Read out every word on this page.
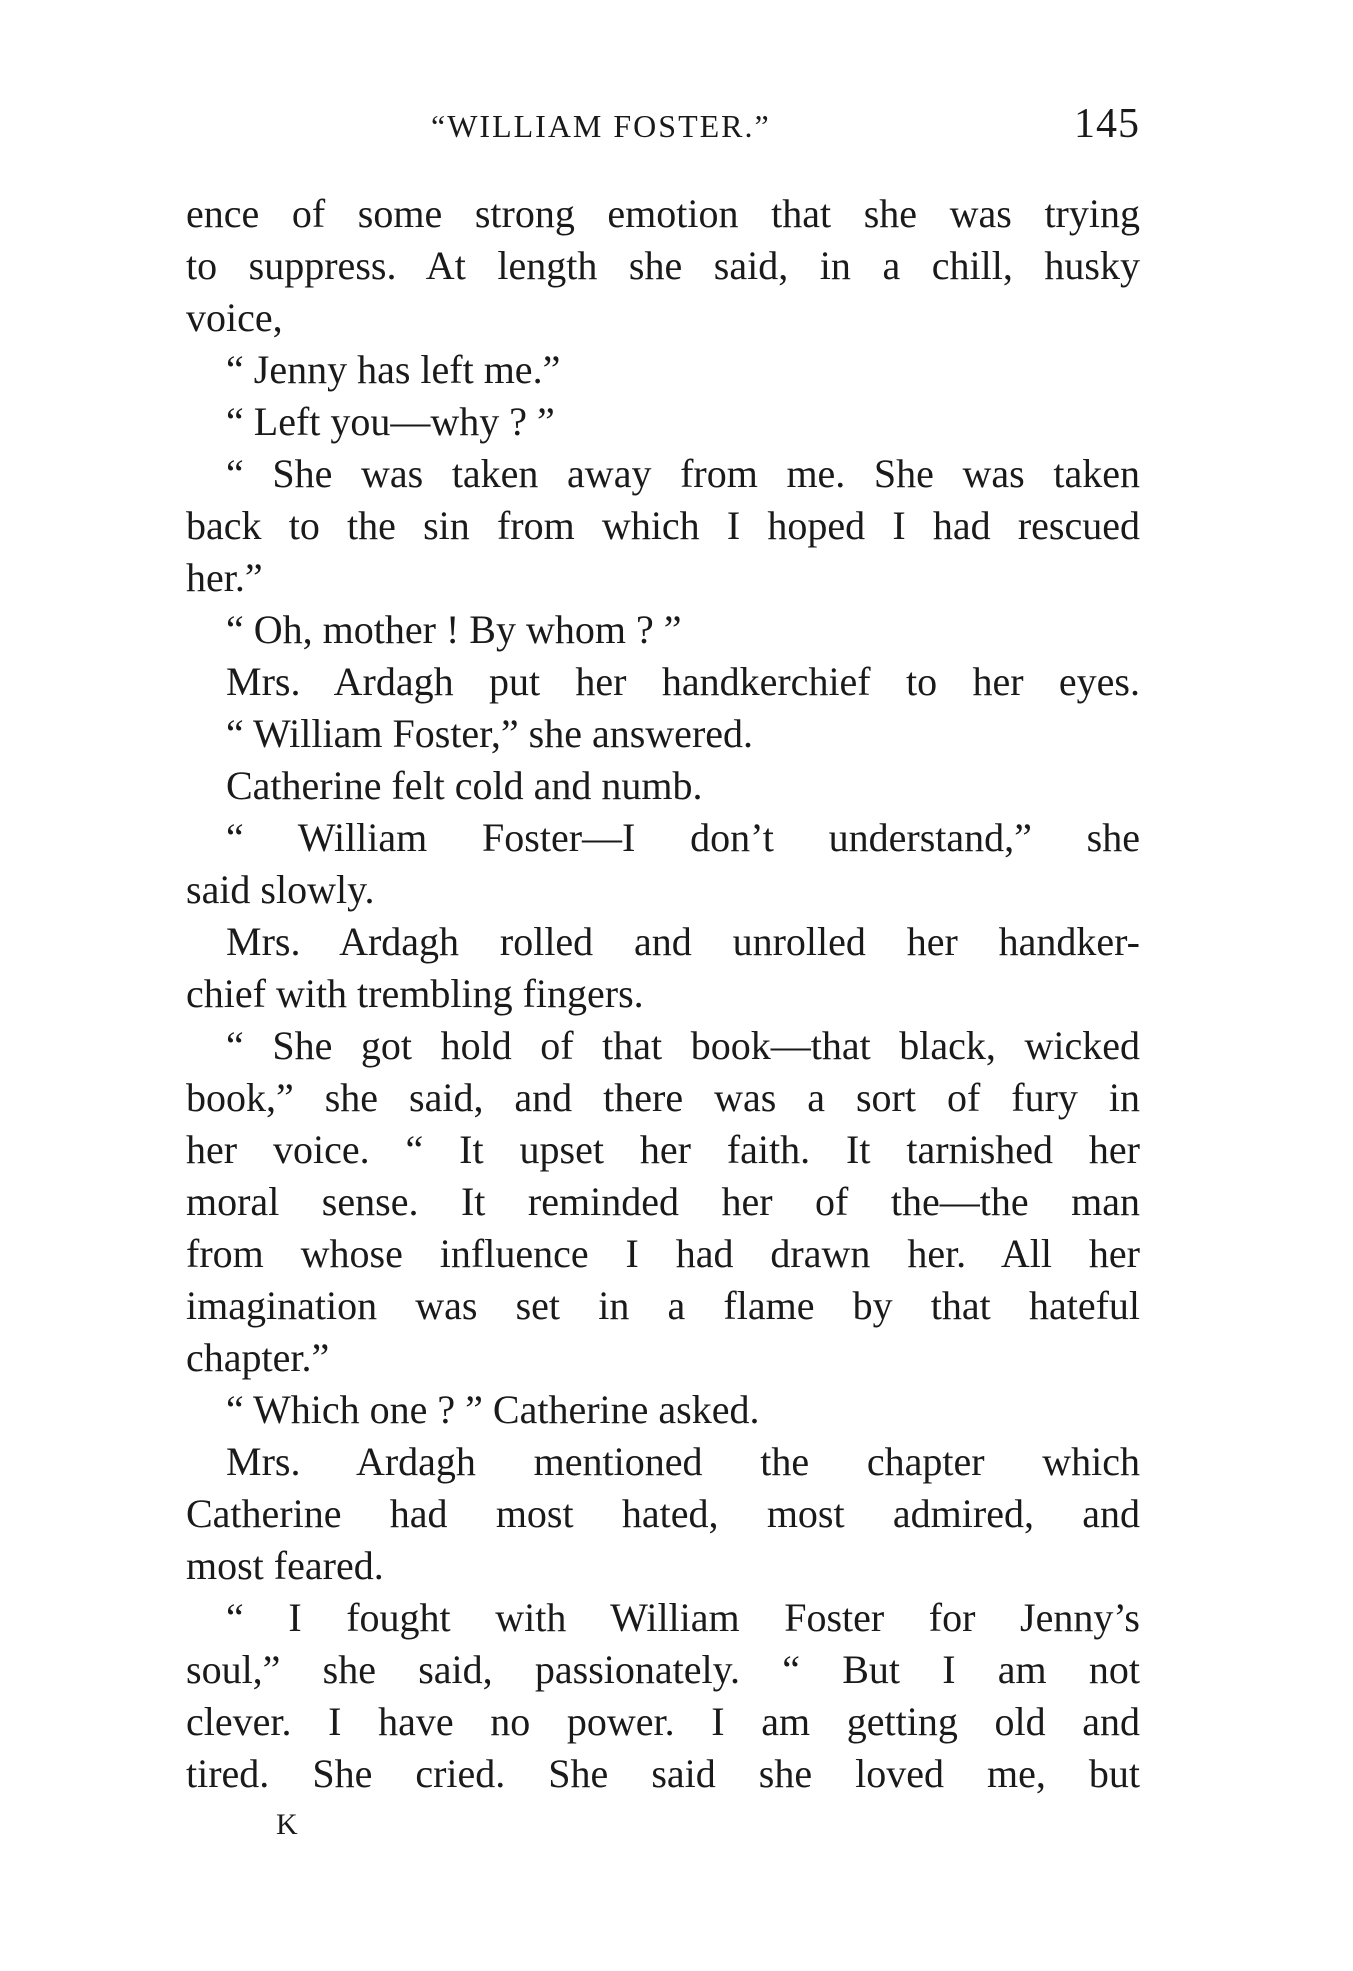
“WILLIAM FOSTER.”	145
ence of some strong emotion that she was trying
to suppress. At length she said, in a chill, husky
voice,
“ Jenny has left me.”
“ Left you—why ? ”
“ She was taken away from me. She was taken
back to the sin from which I hoped I had rescued
her.”
“ Oh, mother ! By whom ? ”
Mrs. Ardagh put her handkerchief to her eyes.
“ William Foster,” she answered.
Catherine felt cold and numb.
“ William Foster—I don’t understand,” she
said slowly.
Mrs. Ardagh rolled and unrolled her handker-
chief with trembling fingers.
“ She got hold of that book—that black, wicked
book,” she said, and there was a sort of fury in
her voice. “ It upset her faith. It tarnished her
moral sense. It reminded her of the—the man
from whose influence I had drawn her. All her
imagination was set in a flame by that hateful
chapter.”
“ Which one ? ” Catherine asked.
Mrs. Ardagh mentioned the chapter which
Catherine had most hated, most admired, and
most feared.
“ I fought with William Foster for Jenny’s
soul,” she said, passionately. “ But I am not
clever. I have no power. I am getting old and
tired. She cried. She said she loved me, but
K
